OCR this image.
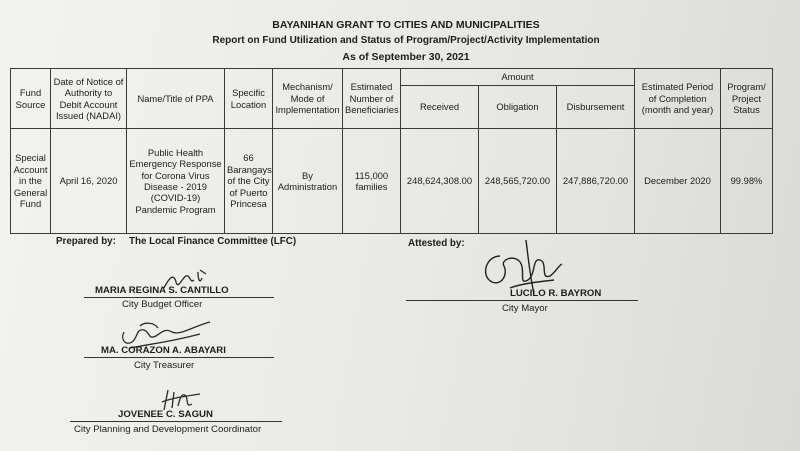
BAYANIHAN GRANT TO CITIES AND MUNICIPALITIES
Report on Fund Utilization and Status of Program/Project/Activity Implementation
As of September 30, 2021
Fund Source	Date of Notice of Authority to Debit Account Issued (NADAI)	Name/Title of PPA	Specific Location	Mechanism/ Mode of Implementation	Estimated Number of Beneficiaries	Amount			Estimated Period of Completion (month and year)	Program/ Project Status
						Received	Obligation	Disbursement		
Special Account in the General Fund	April 16, 2020	Public Health Emergency Response for Corona Virus Disease - 2019 (COVID-19) Pandemic Program	66 Barangays of the City of Puerto Princesa	By Administration	115,000 families	248,624,308.00	248,565,720.00	247,886,720.00	December 2020	99.98%
Prepared by: The Local Finance Committee (LFC)	Attested by:
MARIA REGINA S. CANTILLO
City Budget Officer
MA. CORAZON A. ABAYARI
City Treasurer
JOVENEE C. SAGUN
City Planning and Development Coordinator
LUCILO R. BAYRON
City Mayor
